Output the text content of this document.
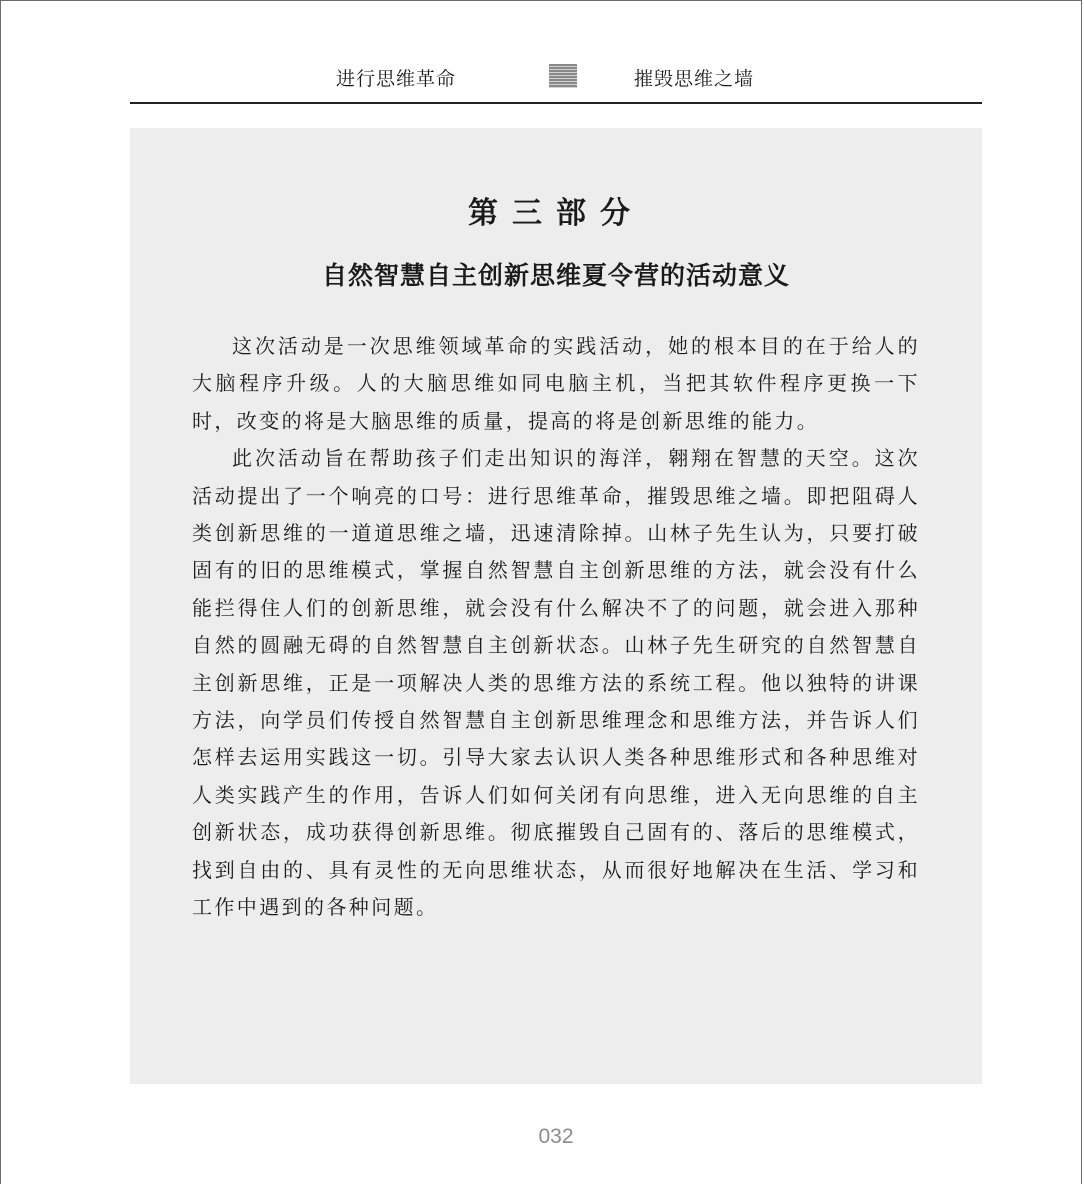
进行思维革命	摧毁思维之墙
第三部分
自然智慧自主创新思维夏令营的活动意义

这次活动是一次思维领域革命的实践活动，她的根本目的在于给人的大脑程序升级。人的大脑思维如同电脑主机，当把其软件程序更换一下时，改变的将是大脑思维的质量，提高的将是创新思维的能力。

此次活动旨在帮助孩子们走出知识的海洋，翱翔在智慧的天空。这次活动提出了一个响亮的口号：进行思维革命，摧毁思维之墙。即把阻碍人类创新思维的一道道思维之墙，迅速清除掉。山林子先生认为，只要打破固有的旧的思维模式，掌握自然智慧自主创新思维的方法，就会没有什么能拦得住人们的创新思维，就会没有什么解决不了的问题，就会进入那种自然的圆融无碍的自然智慧自主创新状态。山林子先生研究的自然智慧自主创新思维，正是一项解决人类的思维方法的系统工程。他以独特的讲课方法，向学员们传授自然智慧自主创新思维理念和思维方法，并告诉人们怎样去运用实践这一切。引导大家去认识人类各种思维形式和各种思维对人类实践产生的作用，告诉人们如何关闭有向思维，进入无向思维的自主创新状态，成功获得创新思维。彻底摧毁自己固有的、落后的思维模式，找到自由的、具有灵性的无向思维状态，从而很好地解决在生活、学习和工作中遇到的各种问题。

032
